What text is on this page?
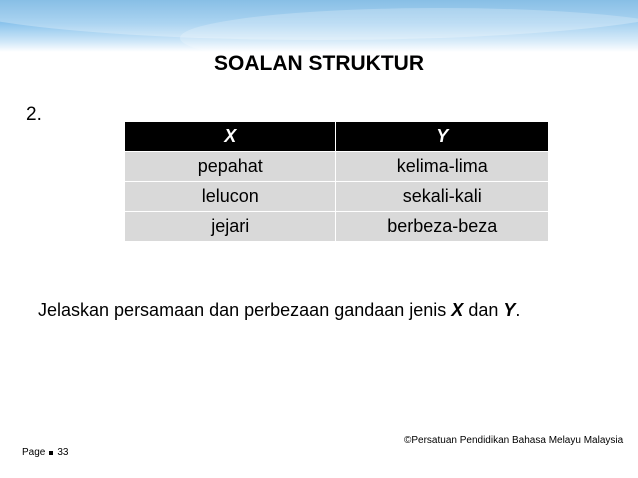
SOALAN STRUKTUR
2.
X	Y
pepahat	kelima-lima
lelucon	sekali-kali
jejari	berbeza-beza
Jelaskan persamaan dan perbezaan gandaan jenis X dan Y.
©Persatuan Pendidikan Bahasa Melayu Malaysia
Page 33
